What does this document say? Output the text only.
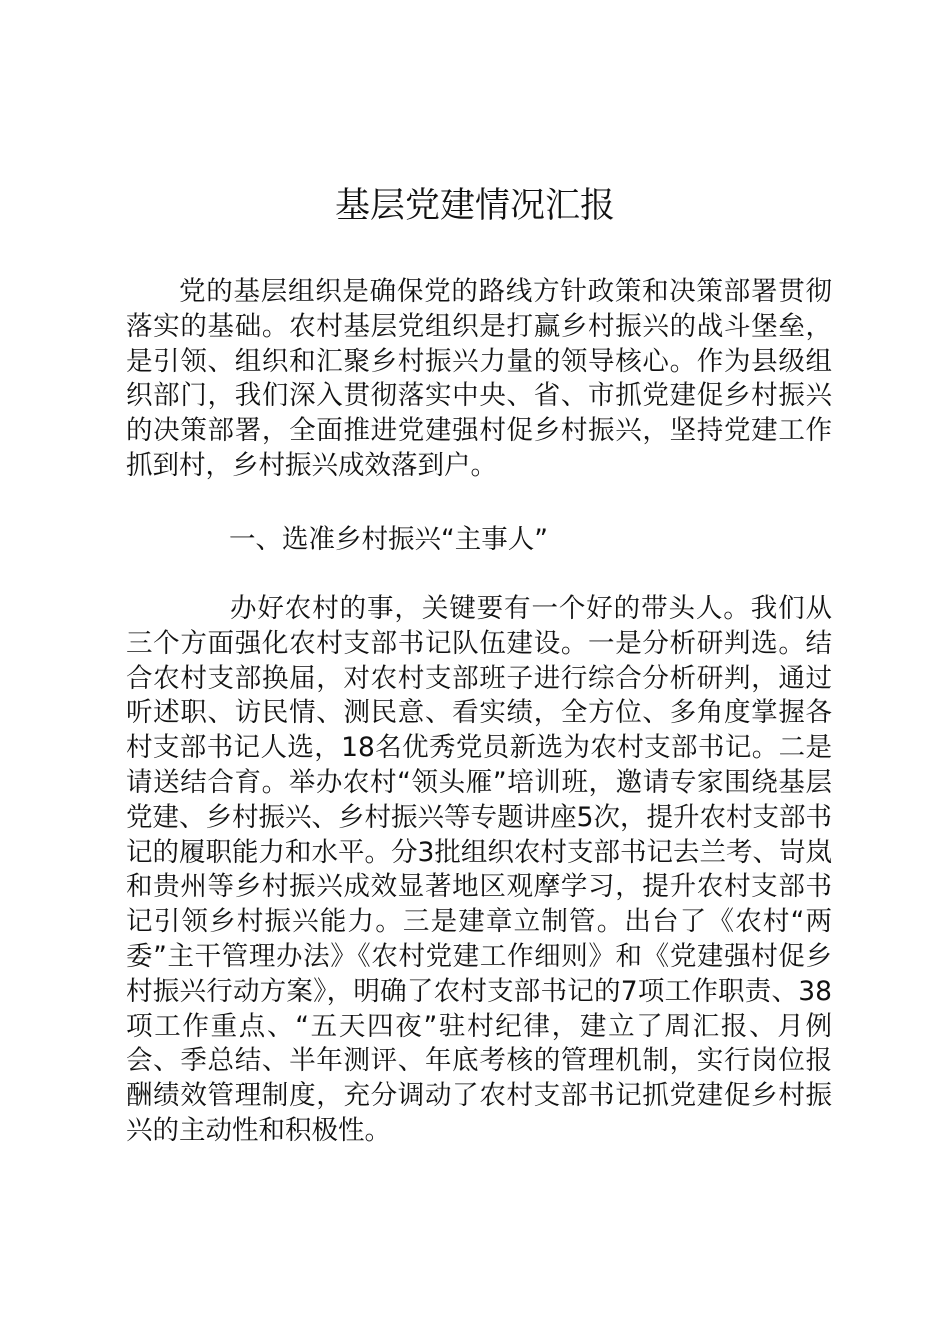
基层党建情况汇报

党的基层组织是确保党的路线方针政策和决策部署贯彻落实的基础。农村基层党组织是打赢乡村振兴的战斗堡垒，是引领、组织和汇聚乡村振兴力量的领导核心。作为县级组织部门，我们深入贯彻落实中央、省、市抓党建促乡村振兴的决策部署，全面推进党建强村促乡村振兴，坚持党建工作抓到村，乡村振兴成效落到户。

一、选准乡村振兴“主事人”

办好农村的事，关键要有一个好的带头人。我们从三个方面强化农村支部书记队伍建设。一是分析研判选。结合农村支部换届，对农村支部班子进行综合分析研判，通过听述职、访民情、测民意、看实绩，全方位、多角度掌握各村支部书记人选，18名优秀党员新选为农村支部书记。二是请送结合育。举办农村“领头雁”培训班，邀请专家围绕基层党建、乡村振兴、乡村振兴等专题讲座5次，提升农村支部书记的履职能力和水平。分3批组织农村支部书记去兰考、岢岚和贵州等乡村振兴成效显著地区观摩学习，提升农村支部书记引领乡村振兴能力。三是建章立制管。出台了《农村“两委”主干管理办法》《农村党建工作细则》和《党建强村促乡村振兴行动方案》，明确了农村支部书记的7项工作职责、38项工作重点、“五天四夜”驻村纪律，建立了周汇报、月例会、季总结、半年测评、年底考核的管理机制，实行岗位报酬绩效管理制度，充分调动了农村支部书记抓党建促乡村振兴的主动性和积极性。
